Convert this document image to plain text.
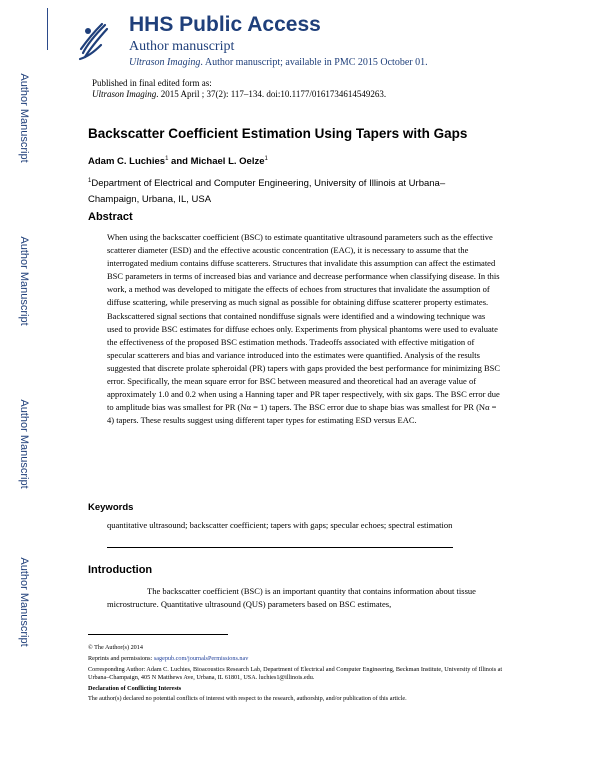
Author Manuscript
Author Manuscript
Author Manuscript
Author Manuscript
HHS Public Access
Author manuscript
Ultrason Imaging. Author manuscript; available in PMC 2015 October 01.
Published in final edited form as:
Ultrason Imaging. 2015 April ; 37(2): 117–134. doi:10.1177/0161734614549263.
Backscatter Coefficient Estimation Using Tapers with Gaps
Adam C. Luchies$^1$ and Michael L. Oelze$^1$
$^1$Department of Electrical and Computer Engineering, University of Illinois at Urbana–Champaign, Urbana, IL, USA
Abstract
When using the backscatter coefficient (BSC) to estimate quantitative ultrasound parameters such as the effective scatterer diameter (ESD) and the effective acoustic concentration (EAC), it is necessary to assume that the interrogated medium contains diffuse scatterers. Structures that invalidate this assumption can affect the estimated BSC parameters in terms of increased bias and variance and decrease performance when classifying disease. In this work, a method was developed to mitigate the effects of echoes from structures that invalidate the assumption of diffuse scattering, while preserving as much signal as possible for obtaining diffuse scatterer property estimates. Backscattered signal sections that contained nondiffuse signals were identified and a windowing technique was used to provide BSC estimates for diffuse echoes only. Experiments from physical phantoms were used to evaluate the effectiveness of the proposed BSC estimation methods. Tradeoffs associated with effective mitigation of specular scatterers and bias and variance introduced into the estimates were quantified. Analysis of the results suggested that discrete prolate spheroidal (PR) tapers with gaps provided the best performance for minimizing BSC error. Specifically, the mean square error for BSC between measured and theoretical had an average value of approximately 1.0 and 0.2 when using a Hanning taper and PR taper respectively, with six gaps. The BSC error due to amplitude bias was smallest for PR (Nα = 1) tapers. The BSC error due to shape bias was smallest for PR (Nα = 4) tapers. These results suggest using different taper types for estimating ESD versus EAC.
Keywords
quantitative ultrasound; backscatter coefficient; tapers with gaps; specular echoes; spectral estimation
Introduction
The backscatter coefficient (BSC) is an important quantity that contains information about tissue microstructure. Quantitative ultrasound (QUS) parameters based on BSC estimates,
© The Author(s) 2014
Reprints and permissions: sagepub.com/journalsPermissions.nav
Corresponding Author: Adam C. Luchies, Bioacoustics Research Lab, Department of Electrical and Computer Engineering, Beckman Institute, University of Illinois at Urbana–Champaign, 405 N Matthews Ave, Urbana, IL 61801, USA. luchies1@illinois.edu.
Declaration of Conflicting Interests
The author(s) declared no potential conflicts of interest with respect to the research, authorship, and/or publication of this article.
